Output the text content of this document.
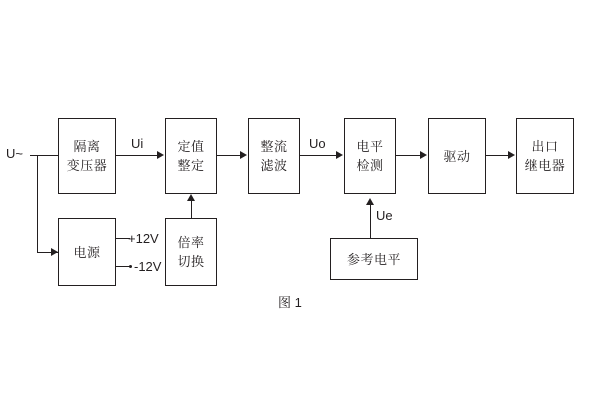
隔离
变压器
定值
整定
整流
滤波
电平
检测
驱动
出口
继电器
电源
倍率
切换	参考电平
U~
Ui	Uo
Ue
+12V
-12V
图 1
